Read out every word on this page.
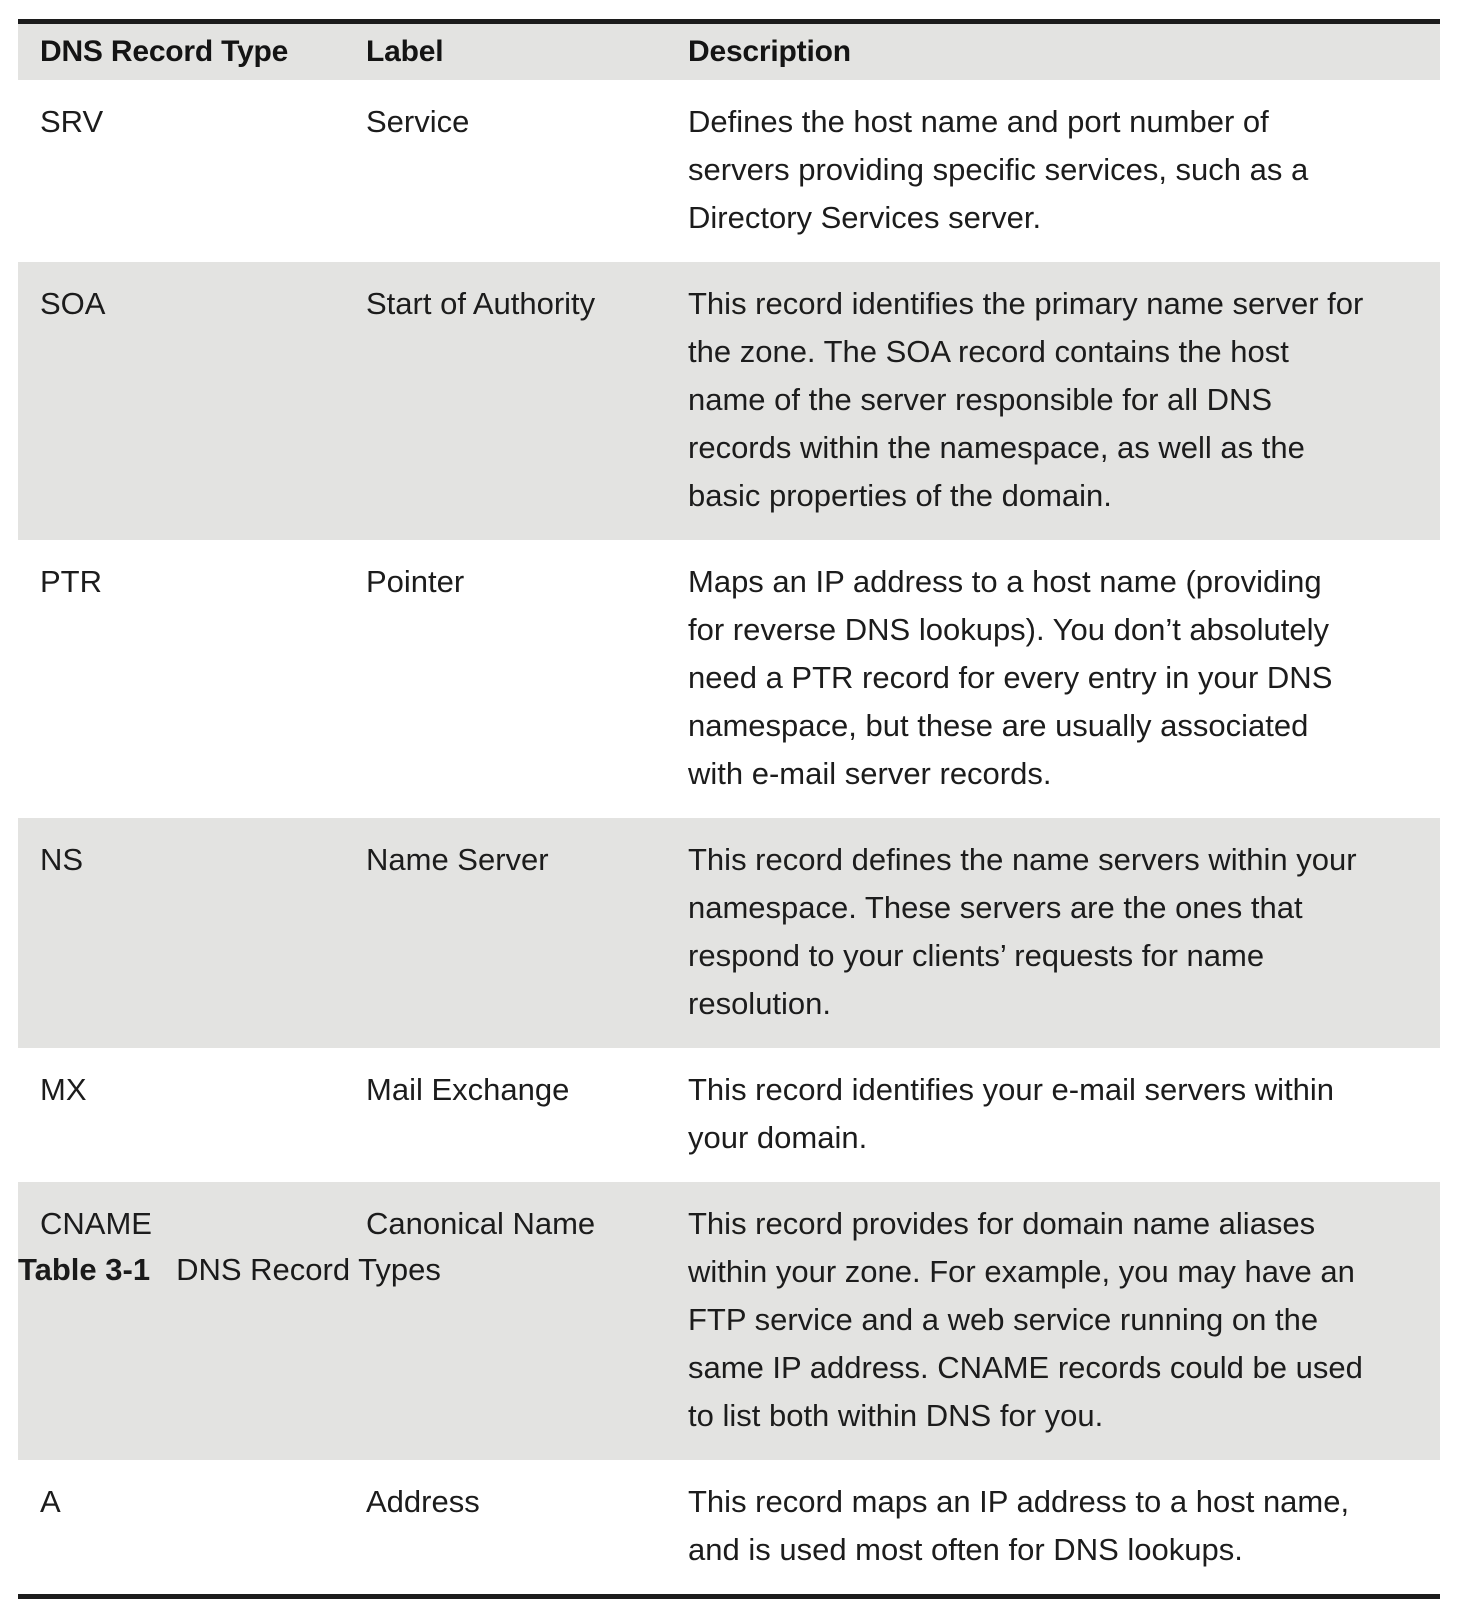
DNS Record Type	Label	Description
SRV	Service	Defines the host name and port number of servers providing specific services, such as a Directory Services server.
SOA	Start of Authority	This record identifies the primary name server for the zone. The SOA record contains the host name of the server responsible for all DNS records within the namespace, as well as the basic properties of the domain.
PTR	Pointer	Maps an IP address to a host name (providing for reverse DNS lookups). You don’t absolutely need a PTR record for every entry in your DNS namespace, but these are usually associated with e-mail server records.
NS	Name Server	This record defines the name servers within your namespace. These servers are the ones that respond to your clients’ requests for name resolution.
MX	Mail Exchange	This record identifies your e-mail servers within your domain.
CNAME	Canonical Name	This record provides for domain name aliases within your zone. For example, you may have an FTP service and a web service running on the same IP address. CNAME records could be used to list both within DNS for you.
A	Address	This record maps an IP address to a host name, and is used most often for DNS lookups.
Table 3-1 DNS Record Types
